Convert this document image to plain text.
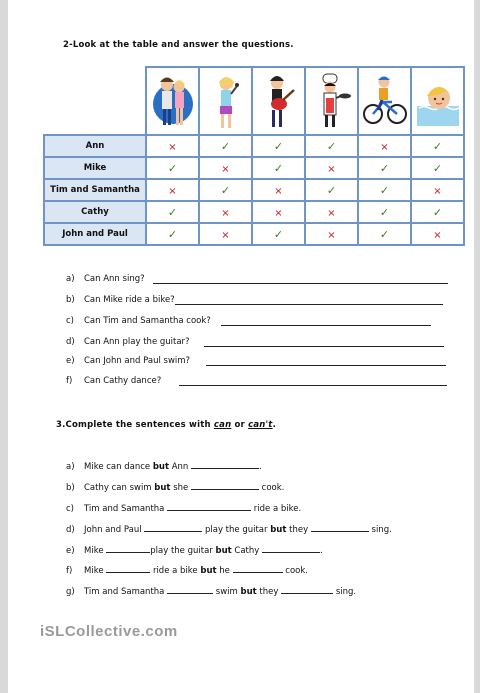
2-Look at the table and answer the questions.

Ann	×	✓	✓	✓	×	✓
Mike	✓	×	✓	×	✓	✓
Tim and Samantha	×	✓	×	✓	✓	×
Cathy	✓	×	×	×	✓	✓
John and Paul	✓	×	✓	×	✓	×
a)	Can Ann sing?
b)	Can Mike ride a bike?
c)	Can Tim and Samantha cook?
d)	Can Ann play the guitar?
e)	Can John and Paul swim?
f)	Can Cathy dance?
3.Complete the sentences with can or can't.
a) Mike can dance but Ann	.
b) Cathy can swim but she	cook.
c) Tim and Samantha	ride a bike.
d) John and Paul	play the guitar but they	sing.
e) Mike	play the guitar but Cathy	.
f) Mike	ride a bike but he	cook.
g) Tim and Samantha	swim but they	sing.
iSLCollective.com
